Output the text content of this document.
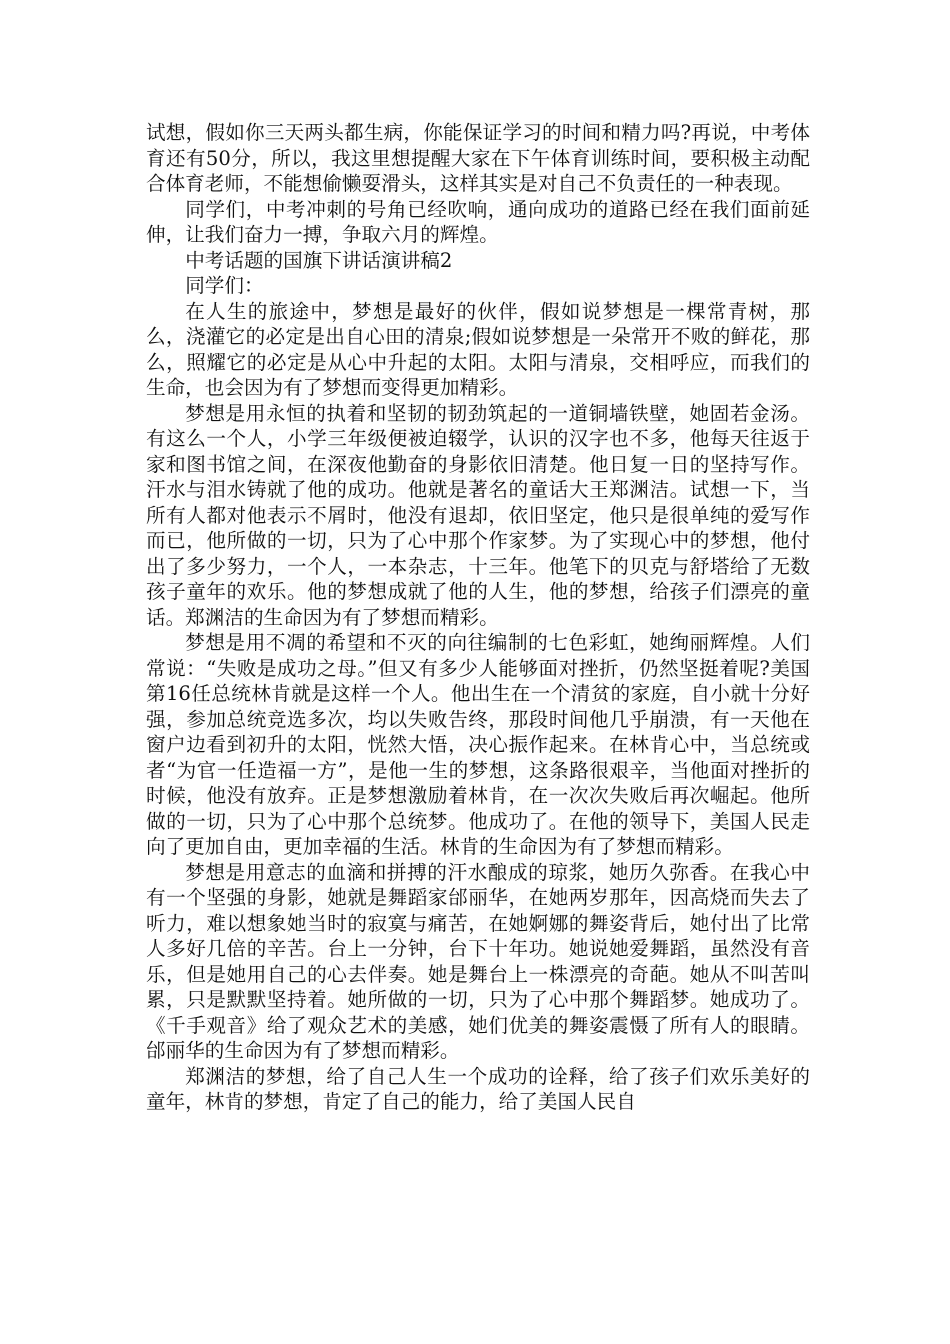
试想，假如你三天两头都生病，你能保证学习的时间和精力吗?再说，中考体育还有50分，所以，我这里想提醒大家在下午体育训练时间，要积极主动配合体育老师，不能想偷懒耍滑头，这样其实是对自己不负责任的一种表现。

同学们，中考冲刺的号角已经吹响，通向成功的道路已经在我们面前延伸，让我们奋力一搏，争取六月的辉煌。

中考话题的国旗下讲话演讲稿2

同学们：

在人生的旅途中，梦想是最好的伙伴，假如说梦想是一棵常青树，那么，浇灌它的必定是出自心田的清泉;假如说梦想是一朵常开不败的鲜花，那么，照耀它的必定是从心中升起的太阳。太阳与清泉，交相呼应，而我们的生命，也会因为有了梦想而变得更加精彩。

梦想是用永恒的执着和坚韧的韧劲筑起的一道铜墙铁壁，她固若金汤。有这么一个人，小学三年级便被迫辍学，认识的汉字也不多，他每天往返于家和图书馆之间，在深夜他勤奋的身影依旧清楚。他日复一日的坚持写作。汗水与泪水铸就了他的成功。他就是著名的童话大王郑渊洁。试想一下，当所有人都对他表示不屑时，他没有退却，依旧坚定，他只是很单纯的爱写作而已，他所做的一切，只为了心中那个作家梦。为了实现心中的梦想，他付出了多少努力，一个人，一本杂志，十三年。他笔下的贝克与舒塔给了无数孩子童年的欢乐。他的梦想成就了他的人生，他的梦想，给孩子们漂亮的童话。郑渊洁的生命因为有了梦想而精彩。

梦想是用不凋的希望和不灭的向往编制的七色彩虹，她绚丽辉煌。人们常说：“失败是成功之母。”但又有多少人能够面对挫折，仍然坚挺着呢?美国第16任总统林肯就是这样一个人。他出生在一个清贫的家庭，自小就十分好强，参加总统竞选多次，均以失败告终，那段时间他几乎崩溃，有一天他在窗户边看到初升的太阳，恍然大悟，决心振作起来。在林肯心中，当总统或者“为官一任造福一方”，是他一生的梦想，这条路很艰辛，当他面对挫折的时候，他没有放弃。正是梦想激励着林肯，在一次次失败后再次崛起。他所做的一切，只为了心中那个总统梦。他成功了。在他的领导下，美国人民走向了更加自由，更加幸福的生活。林肯的生命因为有了梦想而精彩。

梦想是用意志的血滴和拼搏的汗水酿成的琼浆，她历久弥香。在我心中有一个坚强的身影，她就是舞蹈家邰丽华，在她两岁那年，因高烧而失去了听力，难以想象她当时的寂寞与痛苦，在她婀娜的舞姿背后，她付出了比常人多好几倍的辛苦。台上一分钟，台下十年功。她说她爱舞蹈，虽然没有音乐，但是她用自己的心去伴奏。她是舞台上一株漂亮的奇葩。她从不叫苦叫累，只是默默坚持着。她所做的一切，只为了心中那个舞蹈梦。她成功了。《千手观音》给了观众艺术的美感，她们优美的舞姿震慑了所有人的眼睛。邰丽华的生命因为有了梦想而精彩。

郑渊洁的梦想，给了自己人生一个成功的诠释，给了孩子们欢乐美好的童年，林肯的梦想，肯定了自己的能力，给了美国人民自
